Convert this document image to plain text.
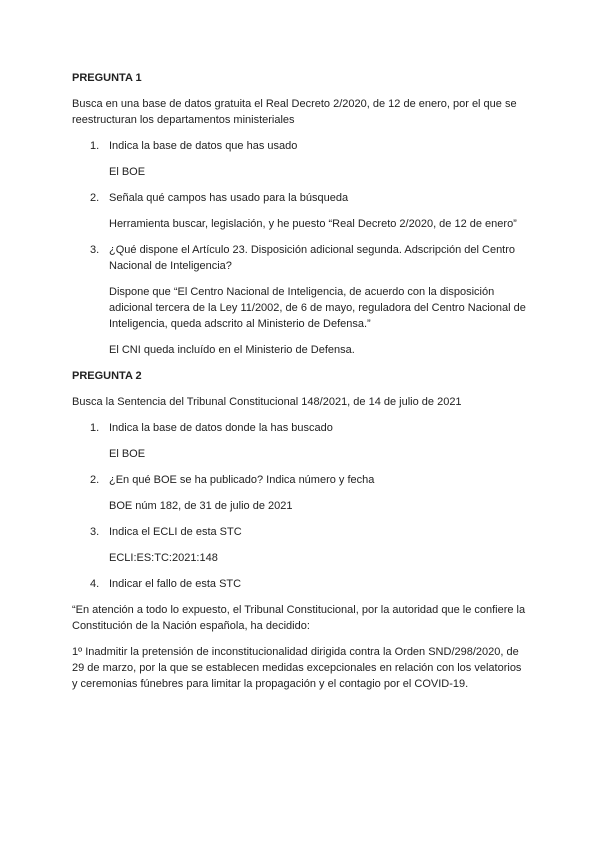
PREGUNTA 1

Busca en una base de datos gratuita el Real Decreto 2/2020, de 12 de enero, por el que se reestructuran los departamentos ministeriales

1. Indica la base de datos que has usado

El BOE

2. Señala qué campos has usado para la búsqueda

Herramienta buscar, legislación, y he puesto “Real Decreto 2/2020, de 12 de enero”

3. ¿Qué dispone el Artículo 23. Disposición adicional segunda. Adscripción del Centro Nacional de Inteligencia?

Dispone que “El Centro Nacional de Inteligencia, de acuerdo con la disposición adicional tercera de la Ley 11/2002, de 6 de mayo, reguladora del Centro Nacional de Inteligencia, queda adscrito al Ministerio de Defensa.”

El CNI queda incluído en el Ministerio de Defensa.

PREGUNTA 2

Busca la Sentencia del Tribunal Constitucional 148/2021, de 14 de julio de 2021

1. Indica la base de datos donde la has buscado

El BOE

2. ¿En qué BOE se ha publicado? Indica número y fecha

BOE núm 182, de 31 de julio de 2021

3. Indica el ECLI de esta STC

ECLI:ES:TC:2021:148

4. Indicar el fallo de esta STC

“En atención a todo lo expuesto, el Tribunal Constitucional, por la autoridad que le confiere la Constitución de la Nación española, ha decidido:

1º Inadmitir la pretensión de inconstitucionalidad dirigida contra la Orden SND/298/2020, de 29 de marzo, por la que se establecen medidas excepcionales en relación con los velatorios y ceremonias fúnebres para limitar la propagación y el contagio por el COVID-19.
